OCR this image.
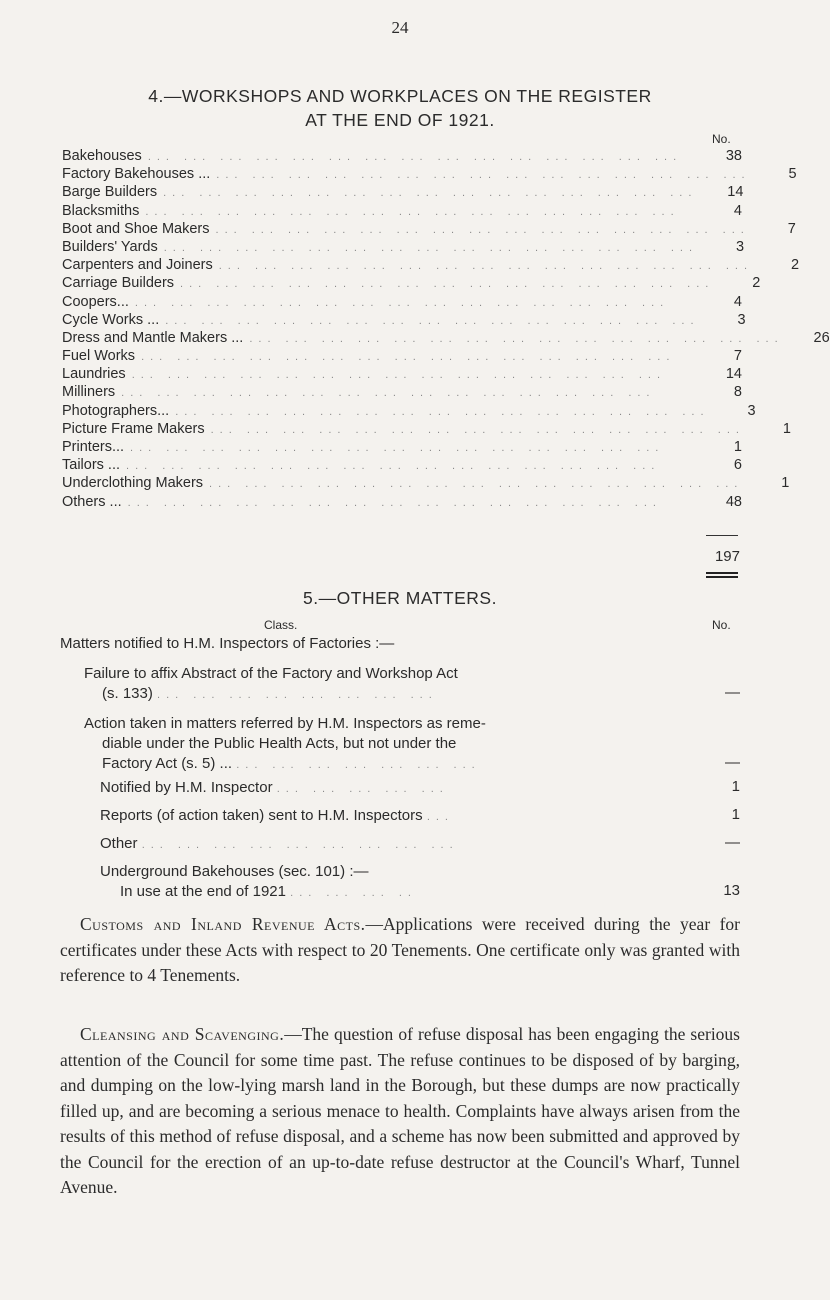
24
4.—WORKSHOPS AND WORKPLACES ON THE REGISTER
AT THE END OF 1921.
No.
Bakehouses ... ... ... ... ... ... ... ... ... ... ... ... ... ... ...	38
Factory Bakehouses ... ... ... ... ... ... ... ... ... ... ... ... ... ... ... ...	5
Barge Builders ... ... ... ... ... ... ... ... ... ... ... ... ... ... ...	14
Blacksmiths ... ... ... ... ... ... ... ... ... ... ... ... ... ... ...	4
Boot and Shoe Makers ... ... ... ... ... ... ... ... ... ... ... ... ... ... ...	7
Builders' Yards ... ... ... ... ... ... ... ... ... ... ... ... ... ... ...	3
Carpenters and Joiners ... ... ... ... ... ... ... ... ... ... ... ... ... ... ...	2
Carriage Builders ... ... ... ... ... ... ... ... ... ... ... ... ... ... ...	2
Coopers... ... ... ... ... ... ... ... ... ... ... ... ... ... ... ...	4
Cycle Works ... ... ... ... ... ... ... ... ... ... ... ... ... ... ... ...	3
Dress and Mantle Makers ... ... ... ... ... ... ... ... ... ... ... ... ... ... ... ...	26
Fuel Works ... ... ... ... ... ... ... ... ... ... ... ... ... ... ...	7
Laundries ... ... ... ... ... ... ... ... ... ... ... ... ... ... ...	14
Milliners ... ... ... ... ... ... ... ... ... ... ... ... ... ... ...	8
Photographers... ... ... ... ... ... ... ... ... ... ... ... ... ... ... ...	3
Picture Frame Makers ... ... ... ... ... ... ... ... ... ... ... ... ... ... ...	1
Printers... ... ... ... ... ... ... ... ... ... ... ... ... ... ... ...	1
Tailors ... ... ... ... ... ... ... ... ... ... ... ... ... ... ... ...	6
Underclothing Makers ... ... ... ... ... ... ... ... ... ... ... ... ... ... ...	1
Others ... ... ... ... ... ... ... ... ... ... ... ... ... ... ... ...	48
197
5.—OTHER MATTERS.
Class.	No.
Matters notified to H.M. Inspectors of Factories :—
Failure to affix Abstract of the Factory and Workshop Act
(s. 133) ... ... ... ... ... ... ... ...	—
Action taken in matters referred by H.M. Inspectors as reme-
diable under the Public Health Acts, but not under the
Factory Act (s. 5) ... ... ... ... ... ... ... ...	—
Notified by H.M. Inspector ... ... ... ... ...	1
Reports (of action taken) sent to H.M. Inspectors ...	1
Other ... ... ... ... ... ... ... ... ...	—
Underground Bakehouses (sec. 101) :—
In use at the end of 1921 ... ... ... ..	13
Customs and Inland Revenue Acts.—Applications were received during the year for certificates under these Acts with respect to 20 Tenements. One certificate only was granted with reference to 4 Tenements.
Cleansing and Scavenging.—The question of refuse disposal has been engaging the serious attention of the Council for some time past. The refuse continues to be disposed of by barging, and dumping on the low-lying marsh land in the Borough, but these dumps are now practically filled up, and are becoming a serious menace to health. Complaints have always arisen from the results of this method of refuse disposal, and a scheme has now been submitted and approved by the Council for the erection of an up-to-date refuse destructor at the Council's Wharf, Tunnel Avenue.
